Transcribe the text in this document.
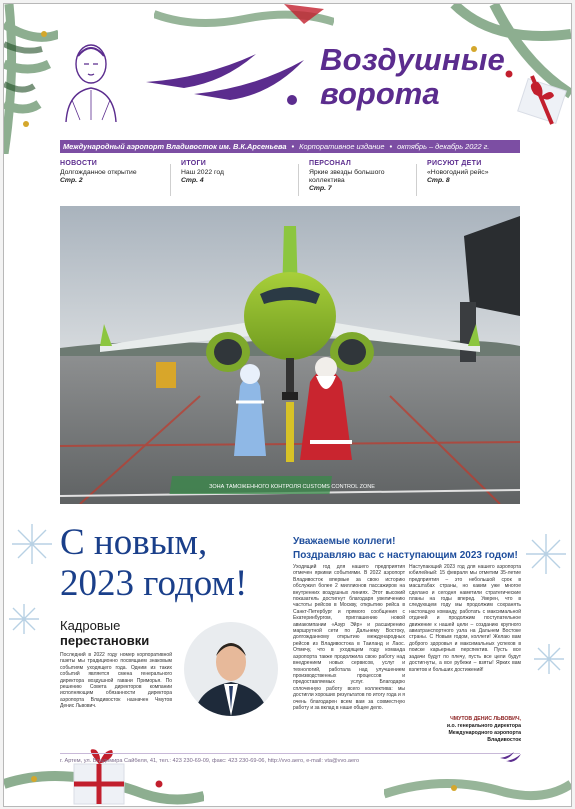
Воздушные
ворота
Международный аэропорт Владивосток им. В.К.Арсеньева • Корпоративное издание • октябрь – декабрь 2022 г.
НОВОСТИ
Долгожданное открытие
Стр. 2
ИТОГИ
Наш 2022 год
Стр. 4
ПЕРСОНАЛ
Яркие звезды большого коллектива
Стр. 7
РИСУЮТ ДЕТИ
«Новогодний рейс»
Стр. 8
ЗОНА ТАМОЖЕННОГО КОНТРОЛЯ CUSTOMS CONTROL ZONE
С новым,
2023 годом!
Уважаемые коллеги!
Поздравляю вас с наступающим 2023 годом!
Уходящий год для нашего предприятия отмечен яркими событиями. В 2022 аэропорт Владивосток впервые за свою историю обслужил более 2 миллионов пассажиров на внутренних воздушных линиях. Этот высокий показатель достигнут благодаря увеличению частоты рейсов в Москву, открытию рейса в Санкт-Петербург и прямого сообщения с Екатеринбургом, приглашению новой авиакомпании «Азур Эйр» и расширению маршрутной сети по Дальнему Востоку, долгожданному открытию международных рейсов из Владивостока в Таиланд и Лаос. Отмечу, что в уходящем году команда аэропорта также продолжила свою работу над внедрением новых сервисов, услуг и технологий, работала над улучшением производственных процессов и предоставляемых услуг. Благодарю сплоченную работу всего коллектива: мы достигли хороших результатов по итогу года и я очень благодарен всем вам за совместную работу и за вклад в наше общее дело.
Наступающий 2023 год для нашего аэропорта юбилейный: 15 февраля мы отметим 35-летие предприятия – это небольшой срок в масштабах страны, но каким уже многое сделано и сегодня наметили стратегические планы на годы вперед. Уверен, что в следующем году мы продолжим сохранять настоящую команду, работать с максимальной отдачей и продолжим поступательное движение к нашей цели – созданию крупного авиатранспортного узла на Дальнем Востоке страны. С Новым годом, коллеги! Желаю вам доброго здоровья и максимальных успехов в поиске карьерных перспектив. Пусть все задачи будут по плечу, пусть все цели будут достигнуты, а все рубежи – взяты! Ярких вам взлетов и больших достижений!
ЧМУТОВ ДЕНИС ЛЬВОВИЧ,
и.о. генерального директора
Международного аэропорта
Владивосток
Кадровые
перестановки
Последний в 2022 году номер корпоративной газеты мы традиционно посвящаем знаковым событиям уходящего года. Одним из таких событий является смена генерального директора воздушной гавани Приморья. По решению Совета директоров компании исполняющим обязанности директора аэропорта Владивосток назначен Чмутов Денис Львович.
г. Артем, ул. Владимира Сайбеля, 41, тел.: 423 230-69-09, факс: 423 230-69-06, http://vvo.aero, e-mail: vta@vvo.aero
